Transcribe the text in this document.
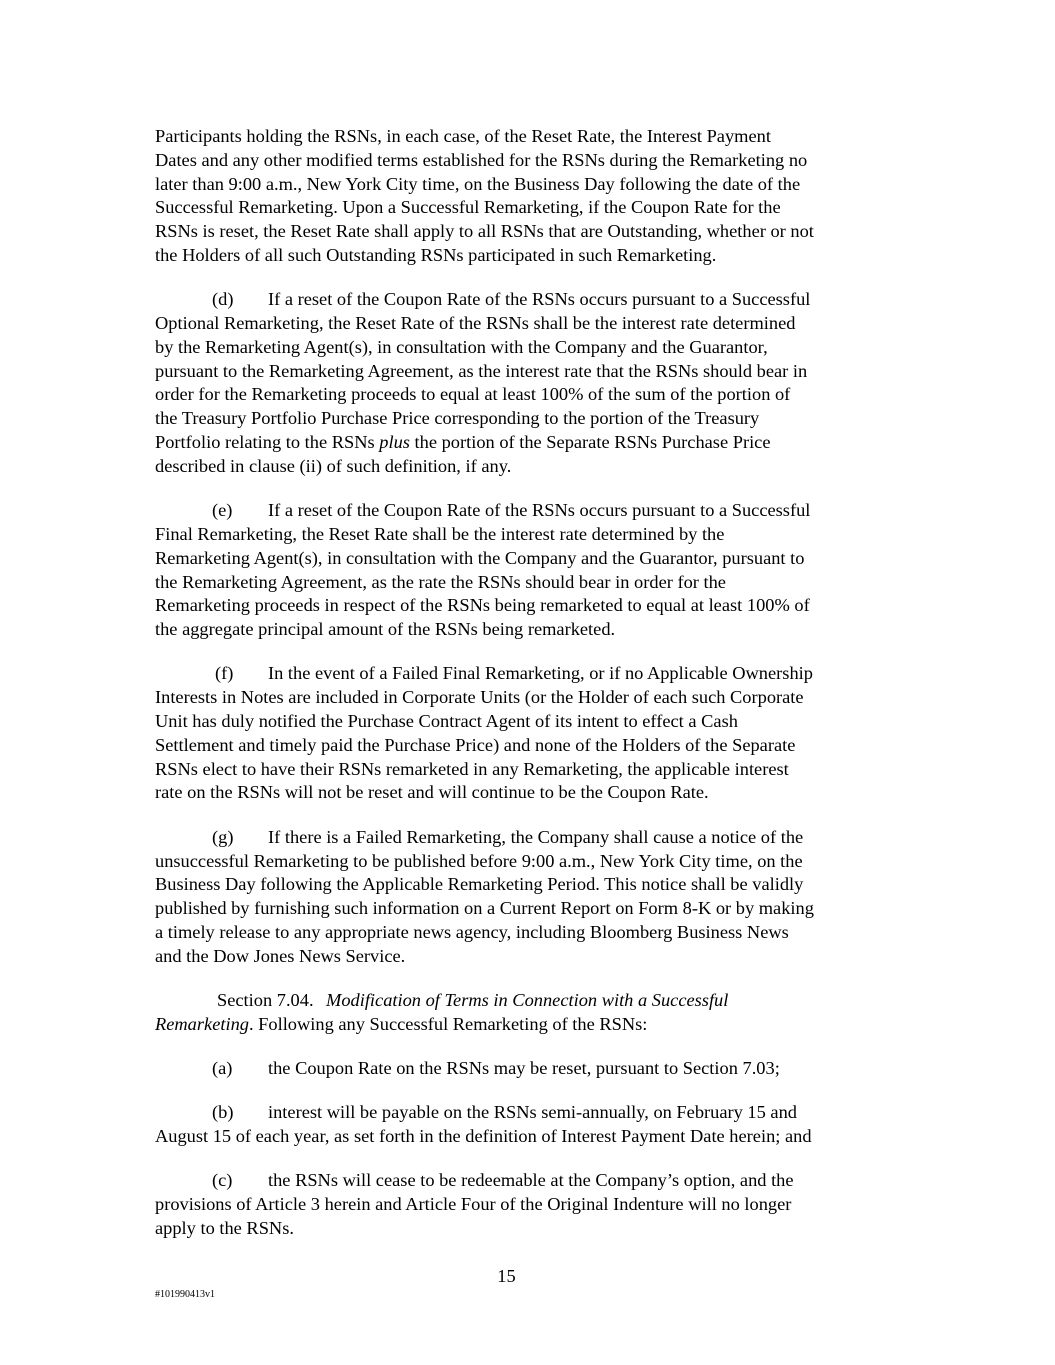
Participants holding the RSNs, in each case, of the Reset Rate, the Interest Payment
Dates and any other modified terms established for the RSNs during the Remarketing no
later than 9:00 a.m., New York City time, on the Business Day following the date of the
Successful Remarketing. Upon a Successful Remarketing, if the Coupon Rate for the
RSNs is reset, the Reset Rate shall apply to all RSNs that are Outstanding, whether or not
the Holders of all such Outstanding RSNs participated in such Remarketing.

(d) If a reset of the Coupon Rate of the RSNs occurs pursuant to a Successful
Optional Remarketing, the Reset Rate of the RSNs shall be the interest rate determined
by the Remarketing Agent(s), in consultation with the Company and the Guarantor,
pursuant to the Remarketing Agreement, as the interest rate that the RSNs should bear in
order for the Remarketing proceeds to equal at least 100% of the sum of the portion of
the Treasury Portfolio Purchase Price corresponding to the portion of the Treasury
Portfolio relating to the RSNs plus the portion of the Separate RSNs Purchase Price
described in clause (ii) of such definition, if any.

(e) If a reset of the Coupon Rate of the RSNs occurs pursuant to a Successful
Final Remarketing, the Reset Rate shall be the interest rate determined by the
Remarketing Agent(s), in consultation with the Company and the Guarantor, pursuant to
the Remarketing Agreement, as the rate the RSNs should bear in order for the
Remarketing proceeds in respect of the RSNs being remarketed to equal at least 100% of
the aggregate principal amount of the RSNs being remarketed.

(f) In the event of a Failed Final Remarketing, or if no Applicable Ownership
Interests in Notes are included in Corporate Units (or the Holder of each such Corporate
Unit has duly notified the Purchase Contract Agent of its intent to effect a Cash
Settlement and timely paid the Purchase Price) and none of the Holders of the Separate
RSNs elect to have their RSNs remarketed in any Remarketing, the applicable interest
rate on the RSNs will not be reset and will continue to be the Coupon Rate.

(g) If there is a Failed Remarketing, the Company shall cause a notice of the
unsuccessful Remarketing to be published before 9:00 a.m., New York City time, on the
Business Day following the Applicable Remarketing Period. This notice shall be validly
published by furnishing such information on a Current Report on Form 8-K or by making
a timely release to any appropriate news agency, including Bloomberg Business News
and the Dow Jones News Service.

Section 7.04. Modification of Terms in Connection with a Successful
Remarketing. Following any Successful Remarketing of the RSNs:

(a) the Coupon Rate on the RSNs may be reset, pursuant to Section 7.03;

(b) interest will be payable on the RSNs semi-annually, on February 15 and
August 15 of each year, as set forth in the definition of Interest Payment Date herein; and

(c) the RSNs will cease to be redeemable at the Company’s option, and the
provisions of Article 3 herein and Article Four of the Original Indenture will no longer
apply to the RSNs.

15
#101990413v1
